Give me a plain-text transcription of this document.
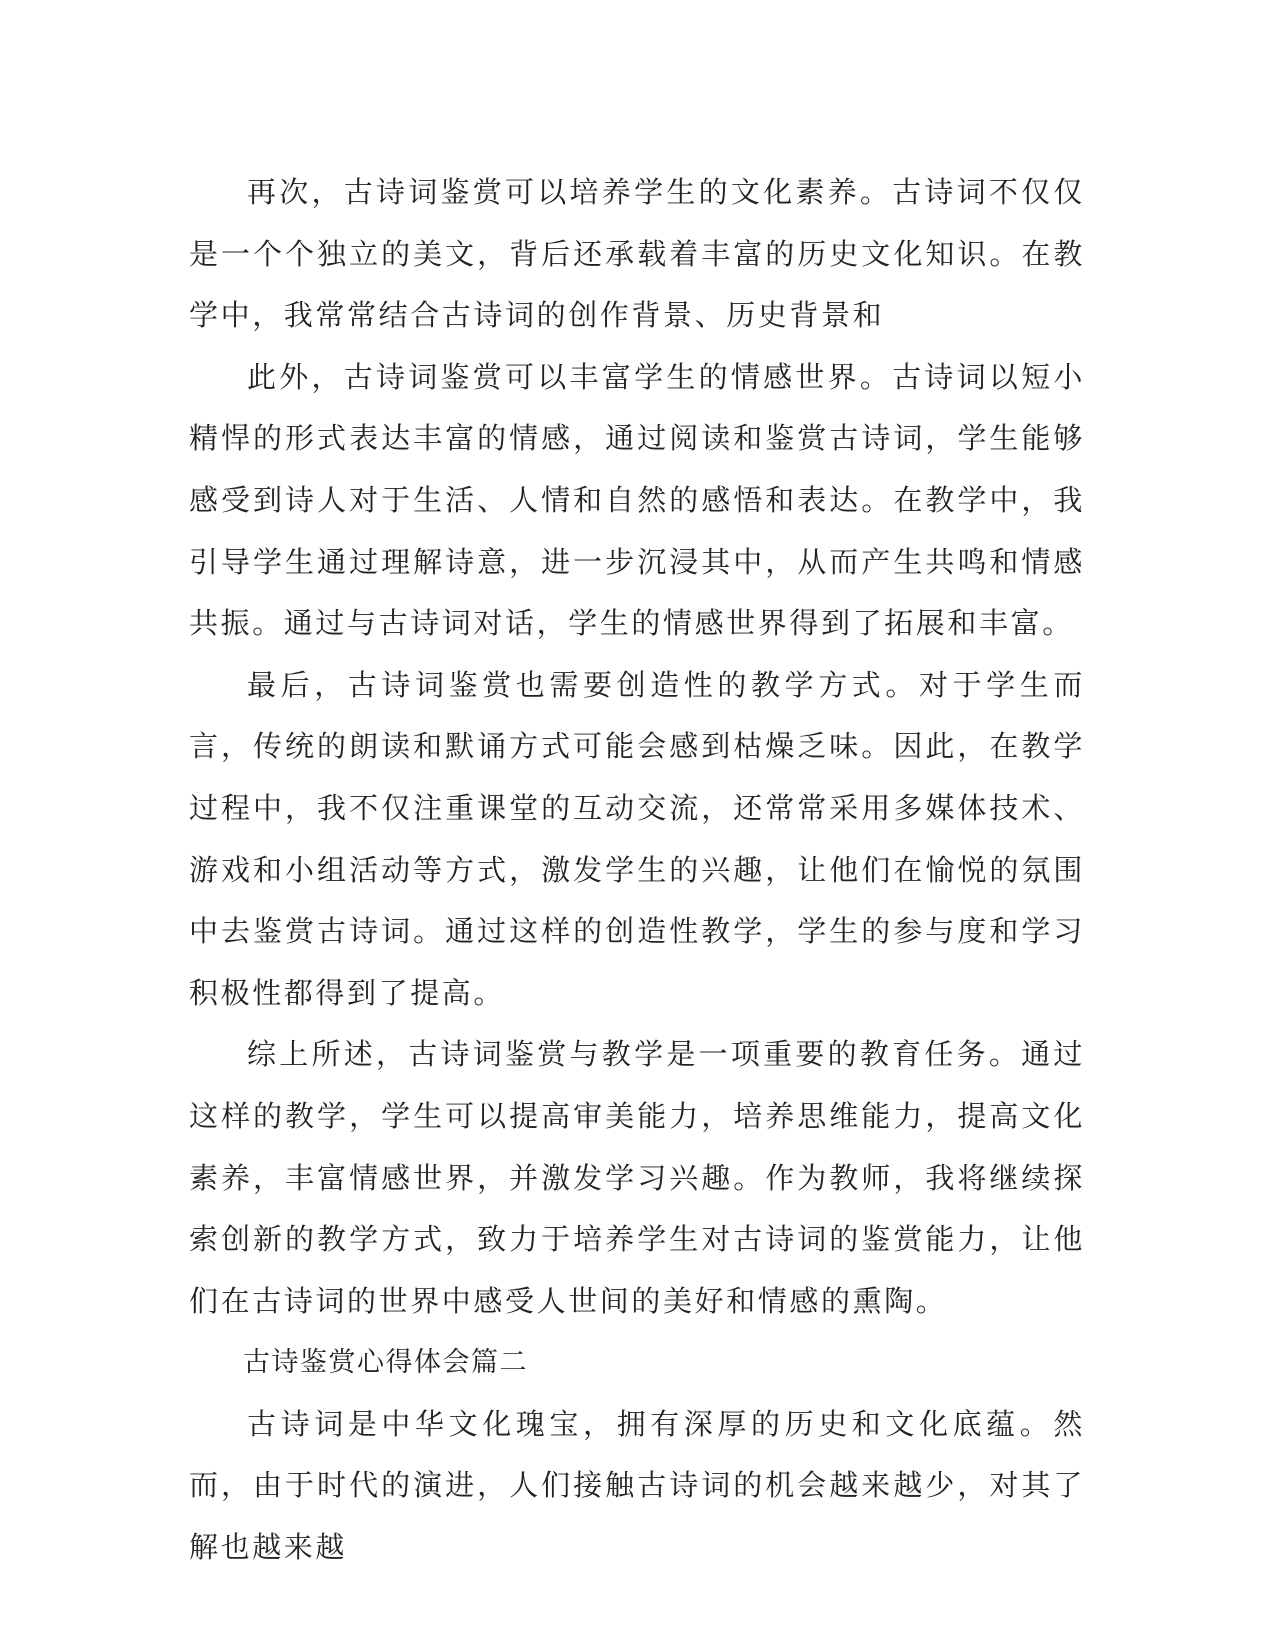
再次，古诗词鉴赏可以培养学生的文化素养。古诗词不仅仅是一个个独立的美文，背后还承载着丰富的历史文化知识。在教学中，我常常结合古诗词的创作背景、历史背景和

此外，古诗词鉴赏可以丰富学生的情感世界。古诗词以短小精悍的形式表达丰富的情感，通过阅读和鉴赏古诗词，学生能够感受到诗人对于生活、人情和自然的感悟和表达。在教学中，我引导学生通过理解诗意，进一步沉浸其中，从而产生共鸣和情感共振。通过与古诗词对话，学生的情感世界得到了拓展和丰富。

最后，古诗词鉴赏也需要创造性的教学方式。对于学生而言，传统的朗读和默诵方式可能会感到枯燥乏味。因此，在教学过程中，我不仅注重课堂的互动交流，还常常采用多媒体技术、游戏和小组活动等方式，激发学生的兴趣，让他们在愉悦的氛围中去鉴赏古诗词。通过这样的创造性教学，学生的参与度和学习积极性都得到了提高。

综上所述，古诗词鉴赏与教学是一项重要的教育任务。通过这样的教学，学生可以提高审美能力，培养思维能力，提高文化素养，丰富情感世界，并激发学习兴趣。作为教师，我将继续探索创新的教学方式，致力于培养学生对古诗词的鉴赏能力，让他们在古诗词的世界中感受人世间的美好和情感的熏陶。

古诗鉴赏心得体会篇二

古诗词是中华文化瑰宝，拥有深厚的历史和文化底蕴。然而，由于时代的演进，人们接触古诗词的机会越来越少，对其了解也越来越
